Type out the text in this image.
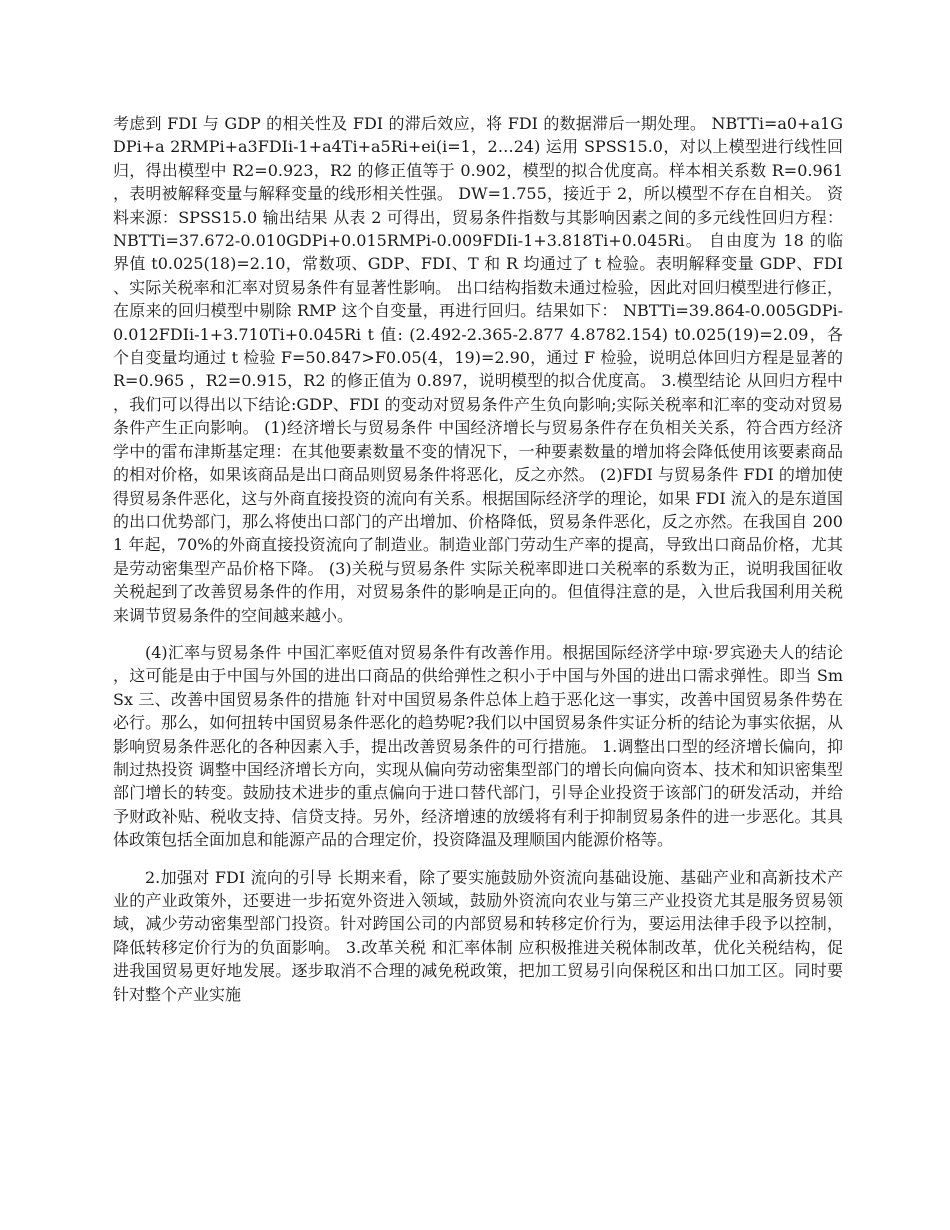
考虑到 FDI 与 GDP 的相关性及 FDI 的滞后效应，将 FDI 的数据滞后一期处理。 NBTTi=a0+a1GDPi+a 2RMPi+a3FDIi-1+a4Ti+a5Ri+ei(i=1，2…24) 运用 SPSS15.0，对以上模型进行线性回归，得出模型中 R2=0.923，R2 的修正值等于 0.902，模型的拟合优度高。样本相关系数 R=0.961，表明被解释变量与解释变量的线形相关性强。 DW=1.755，接近于 2，所以模型不存在自相关。 资料来源：SPSS15.0 输出结果 从表 2 可得出，贸易条件指数与其影响因素之间的多元线性回归方程：NBTTi=37.672-0.010GDPi+0.015RMPi-0.009FDIi-1+3.818Ti+0.045Ri。 自由度为 18 的临界值 t0.025(18)=2.10，常数项、GDP、FDI、T 和 R 均通过了 t 检验。表明解释变量 GDP、FDI、实际关税率和汇率对贸易条件有显著性影响。 出口结构指数未通过检验，因此对回归模型进行修正，在原来的回归模型中剔除 RMP 这个自变量，再进行回归。结果如下： NBTTi=39.864-0.005GDPi-0.012FDIi-1+3.710Ti+0.045Ri t 值: (2.492-2.365-2.877 4.8782.154) t0.025(19)=2.09，各个自变量均通过 t 检验 F=50.847>F0.05(4，19)=2.90，通过 F 检验，说明总体回归方程是显著的 R=0.965 ，R2=0.915，R2 的修正值为 0.897，说明模型的拟合优度高。 3.模型结论 从回归方程中，我们可以得出以下结论:GDP、FDI 的变动对贸易条件产生负向影响;实际关税率和汇率的变动对贸易条件产生正向影响。 (1)经济增长与贸易条件 中国经济增长与贸易条件存在负相关关系，符合西方经济学中的雷布津斯基定理：在其他要素数量不变的情况下，一种要素数量的增加将会降低使用该要素商品的相对价格，如果该商品是出口商品则贸易条件将恶化，反之亦然。 (2)FDI 与贸易条件 FDI 的增加使得贸易条件恶化，这与外商直接投资的流向有关系。根据国际经济学的理论，如果 FDI 流入的是东道国的出口优势部门，那么将使出口部门的产出增加、价格降低，贸易条件恶化，反之亦然。在我国自 2001 年起，70%的外商直接投资流向了制造业。制造业部门劳动生产率的提高，导致出口商品价格，尤其是劳动密集型产品价格下降。 (3)关税与贸易条件 实际关税率即进口关税率的系数为正，说明我国征收关税起到了改善贸易条件的作用，对贸易条件的影响是正向的。但值得注意的是，入世后我国利用关税来调节贸易条件的空间越来越小。

(4)汇率与贸易条件 中国汇率贬值对贸易条件有改善作用。根据国际经济学中琼·罗宾逊夫人的结论，这可能是由于中国与外国的进出口商品的供给弹性之积小于中国与外国的进出口需求弹性。即当 SmSx 三、改善中国贸易条件的措施 针对中国贸易条件总体上趋于恶化这一事实，改善中国贸易条件势在必行。那么，如何扭转中国贸易条件恶化的趋势呢?我们以中国贸易条件实证分析的结论为事实依据，从影响贸易条件恶化的各种因素入手，提出改善贸易条件的可行措施。 1.调整出口型的经济增长偏向，抑制过热投资 调整中国经济增长方向，实现从偏向劳动密集型部门的增长向偏向资本、技术和知识密集型部门增长的转变。鼓励技术进步的重点偏向于进口替代部门，引导企业投资于该部门的研发活动，并给予财政补贴、税收支持、信贷支持。另外，经济增速的放缓将有利于抑制贸易条件的进一步恶化。其具体政策包括全面加息和能源产品的合理定价，投资降温及理顺国内能源价格等。

2.加强对 FDI 流向的引导 长期来看，除了要实施鼓励外资流向基础设施、基础产业和高新技术产业的产业政策外，还要进一步拓宽外资进入领域，鼓励外资流向农业与第三产业投资尤其是服务贸易领域，减少劳动密集型部门投资。针对跨国公司的内部贸易和转移定价行为，要运用法律手段予以控制，降低转移定价行为的负面影响。 3.改革关税 和汇率体制 应积极推进关税体制改革，优化关税结构，促进我国贸易更好地发展。逐步取消不合理的减免税政策，把加工贸易引向保税区和出口加工区。同时要针对整个产业实施
